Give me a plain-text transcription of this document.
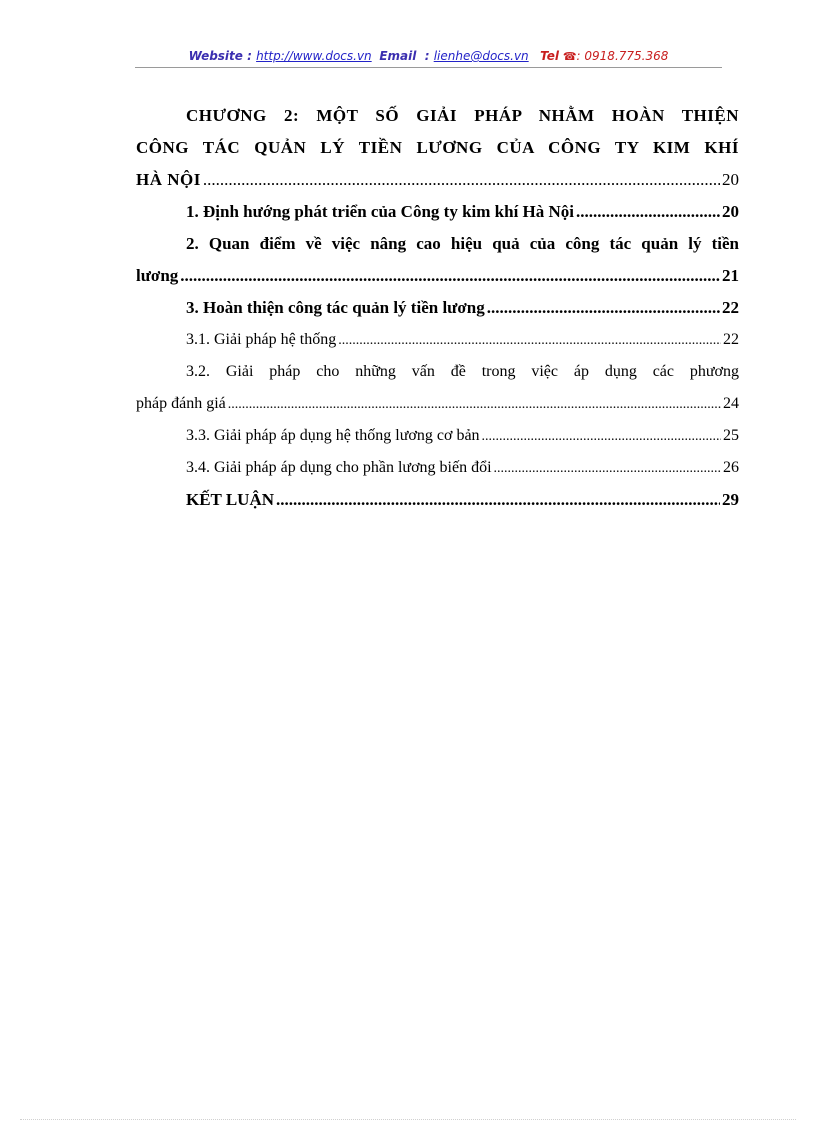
Website : http://www.docs.vn Email  : lienhe@docs.vn Tel ☎: 0918.775.368
CHƯƠNG 2: MỘT SỐ GIẢI PHÁP NHẰM HOÀN THIỆN
CÔNG TÁC QUẢN LÝ TIỀN LƯƠNG CỦA CÔNG TY KIM KHÍ
HÀ NỘI .....	20
1. Định hướng phát triển của Công ty kim khí Hà Nội .....	20
2. Quan điểm về việc nâng cao hiệu quả của công tác quản lý tiền
lương .....	21
3. Hoàn thiện công tác quản lý tiền lương .....	22
3.1. Giải pháp hệ thống .....	22
3.2. Giải pháp cho những vấn đề trong việc áp dụng các phương
pháp đánh giá .....	24
3.3. Giải pháp áp dụng hệ thống lương cơ bản .....	25
3.4. Giải pháp áp dụng cho phần lương biến đổi .....	26
KẾT LUẬN .....	29
